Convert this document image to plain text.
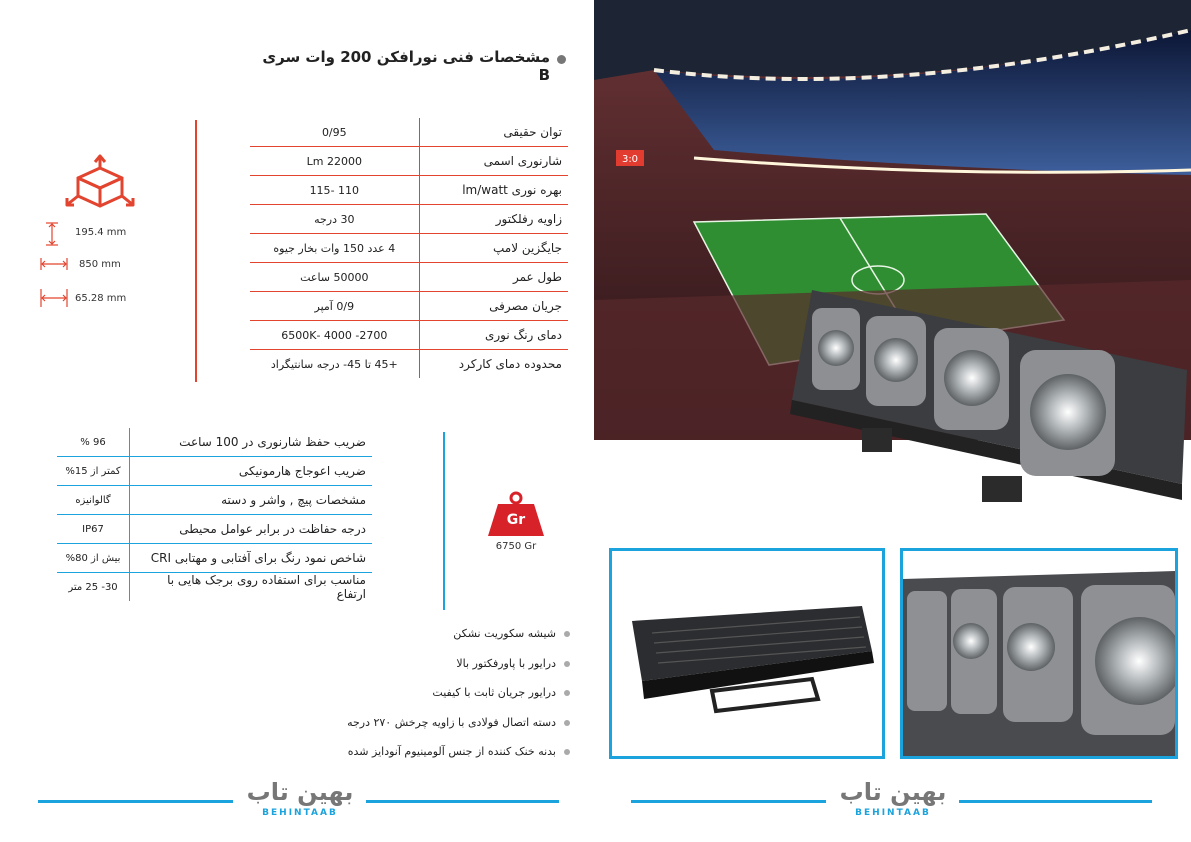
مشخصات فنی نورافکن 200 وات سری B
195.4 mm
850 mm
65.28 mm
0/95	توان حقیقی
22000 Lm	شارنوری اسمی
110 -115	بهره نوری lm/watt
30 درجه	زاویه رفلکتور
4 عدد 150 وات بخار جیوه	جایگزین لامپ
50000 ساعت	طول عمر
0/9 آمپر	جریان مصرفی
2700- 4000 -6500K	دمای رنگ نوری
+45 تا 45- درجه سانتیگراد	محدوده دمای کارکرد
96 %	ضریب حفظ شارنوری در 100 ساعت
کمتر از 15%	ضریب اعوجاج هارمونیکی
گالوانیزه	مشخصات پیچ , واشر و دسته
IP67	درجه حفاظت در برابر عوامل محیطی
بیش از 80%	شاخص نمود رنگ برای آفتابی و مهتابی CRI
30- 25 متر	مناسب برای استفاده روی برجک هایی با ارتفاع
Gr
6750 Gr
شیشه سکوریت نشکن
درایور با پاورفکتور بالا
درایور جریان ثابت با کیفیت
دسته اتصال فولادی با زاویه چرخش ۲۷۰ درجه
بدنه خنک کننده از جنس آلومینیوم آنودایز شده
بهین تاب
BEHINTAAB
3:0
بهین تاب
BEHINTAAB
